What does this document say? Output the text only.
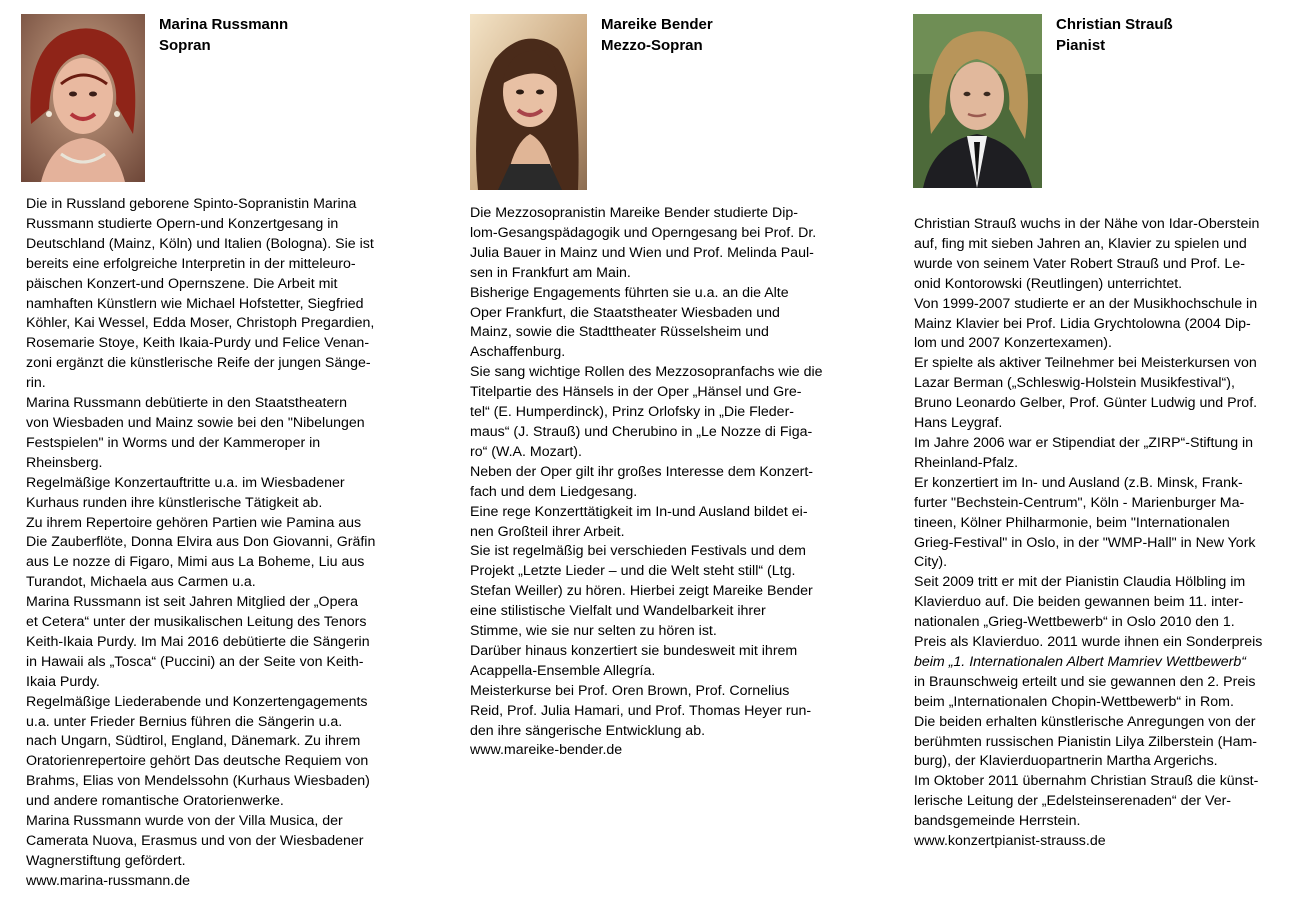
Marina Russmann
Sopran

Die in Russland geborene Spinto-Sopranistin Marina

Russmann studierte Opern-und Konzertgesang in

Deutschland (Mainz, Köln) und Italien (Bologna). Sie ist

bereits eine erfolgreiche Interpretin in der mitteleuro-

päischen Konzert-und Opernszene. Die Arbeit mit

namhaften Künstlern wie Michael Hofstetter, Siegfried

Köhler, Kai Wessel, Edda Moser, Christoph Pregardien,

Rosemarie Stoye, Keith Ikaia-Purdy und Felice Venan-

zoni ergänzt die künstlerische Reife der jungen Sänge-

rin.

Marina Russmann debütierte in den Staatstheatern

von Wiesbaden und Mainz sowie bei den "Nibelungen

Festspielen" in Worms und der Kammeroper in

Rheinsberg.

Regelmäßige Konzertauftritte u.a. im Wiesbadener

Kurhaus runden ihre künstlerische Tätigkeit ab.

Zu ihrem Repertoire gehören Partien wie Pamina aus

Die Zauberflöte, Donna Elvira aus Don Giovanni, Gräfin

aus Le nozze di Figaro, Mimi aus La Boheme, Liu aus

Turandot, Michaela aus Carmen u.a.

Marina Russmann ist seit Jahren Mitglied der „Opera

et Cetera“ unter der musikalischen Leitung des Tenors

Keith-Ikaia Purdy. Im Mai 2016 debütierte die Sängerin

in Hawaii als „Tosca“ (Puccini) an der Seite von Keith-

Ikaia Purdy.

Regelmäßige Liederabende und Konzertengagements

u.a. unter Frieder Bernius führen die Sängerin u.a.

nach Ungarn, Südtirol, England, Dänemark. Zu ihrem

Oratorienrepertoire gehört Das deutsche Requiem von

Brahms, Elias von Mendelssohn (Kurhaus Wiesbaden)

und andere romantische Oratorienwerke.

Marina Russmann wurde von der Villa Musica, der

Camerata Nuova, Erasmus und von der Wiesbadener

Wagnerstiftung gefördert.

www.marina-russmann.de

Mareike Bender
Mezzo-Sopran

Die Mezzosopranistin Mareike Bender studierte Dip-

lom-Gesangspädagogik und Operngesang bei Prof. Dr.

Julia Bauer in Mainz und Wien und Prof. Melinda Paul-

sen in Frankfurt am Main.

Bisherige Engagements führten sie u.a. an die Alte

Oper Frankfurt, die Staatstheater Wiesbaden und

Mainz, sowie die Stadttheater Rüsselsheim und

Aschaffenburg.

Sie sang wichtige Rollen des Mezzosopranfachs wie die

Titelpartie des Hänsels in der Oper „Hänsel und Gre-

tel“ (E. Humperdinck), Prinz Orlofsky in „Die Fleder-

maus“ (J. Strauß) und Cherubino in „Le Nozze di Figa-

ro“ (W.A. Mozart).

Neben der Oper gilt ihr großes Interesse dem Konzert-

fach und dem Liedgesang.

Eine rege Konzerttätigkeit im In-und Ausland bildet ei-

nen Großteil ihrer Arbeit.

Sie ist regelmäßig bei verschieden Festivals und dem

Projekt „Letzte Lieder – und die Welt steht still“ (Ltg.

Stefan Weiller) zu hören. Hierbei zeigt Mareike Bender

eine stilistische Vielfalt und Wandelbarkeit ihrer

Stimme, wie sie nur selten zu hören ist.

Darüber hinaus konzertiert sie bundesweit mit ihrem

Acappella-Ensemble Allegría.

Meisterkurse bei Prof. Oren Brown, Prof. Cornelius

Reid, Prof. Julia Hamari, und Prof. Thomas Heyer run-

den ihre sängerische Entwicklung ab.

www.mareike-bender.de

Christian Strauß
Pianist

Christian Strauß wuchs in der Nähe von Idar-Oberstein

auf, fing mit sieben Jahren an, Klavier zu spielen und

wurde von seinem Vater Robert Strauß und Prof. Le-

onid Kontorowski (Reutlingen) unterrichtet.

Von 1999-2007 studierte er an der Musikhochschule in

Mainz Klavier bei Prof. Lidia Grychtolowna (2004 Dip-

lom und 2007 Konzertexamen).

Er spielte als aktiver Teilnehmer bei Meisterkursen von

Lazar Berman („Schleswig-Holstein Musikfestival“),

Bruno Leonardo Gelber, Prof. Günter Ludwig und Prof.

Hans Leygraf.

Im Jahre 2006 war er Stipendiat der „ZIRP“-Stiftung in

Rheinland-Pfalz.

Er konzertiert im In- und Ausland (z.B. Minsk, Frank-

furter "Bechstein-Centrum", Köln - Marienburger Ma-

tineen, Kölner Philharmonie, beim "Internationalen

Grieg-Festival" in Oslo, in der "WMP-Hall" in New York

City).

Seit 2009 tritt er mit der Pianistin Claudia Hölbling im

Klavierduo auf. Die beiden gewannen beim 11. inter-

nationalen „Grieg-Wettbewerb“ in Oslo 2010 den 1.

Preis als Klavierduo. 2011 wurde ihnen ein Sonderpreis

beim „1. Internationalen Albert Mamriev Wettbewerb“

in Braunschweig erteilt und sie gewannen den 2. Preis

beim „Internationalen Chopin-Wettbewerb“ in Rom.

Die beiden erhalten künstlerische Anregungen von der

berühmten russischen Pianistin Lilya Zilberstein (Ham-

burg), der Klavierduopartnerin Martha Argerichs.

Im Oktober 2011 übernahm Christian Strauß die künst-

lerische Leitung der „Edelsteinserenaden“ der Ver-

bandsgemeinde Herrstein.

www.konzertpianist-strauss.de
